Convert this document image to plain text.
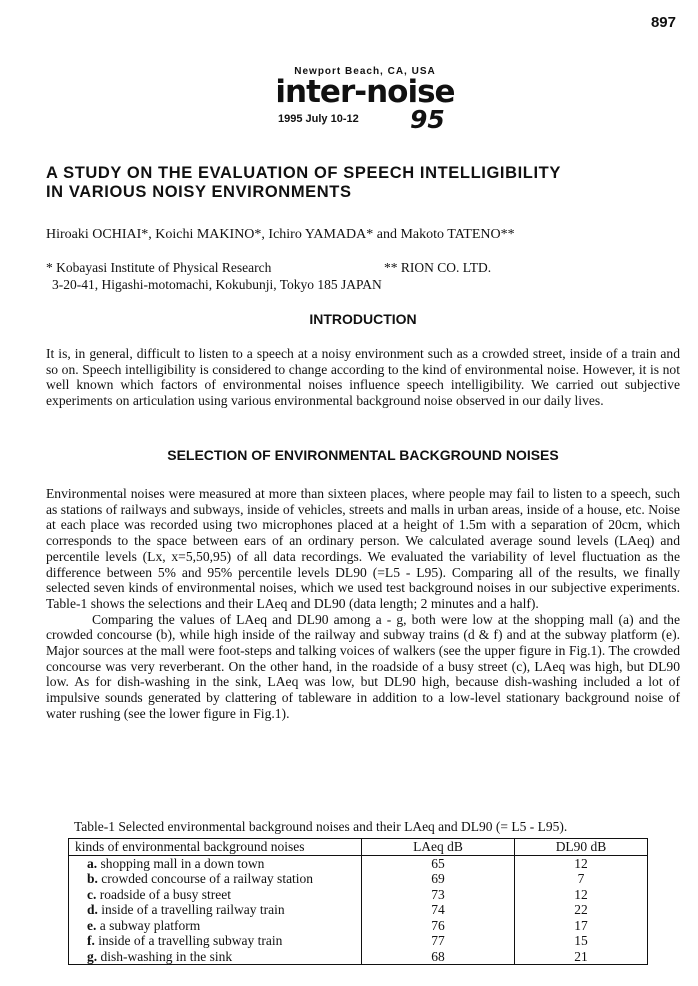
897
Newport Beach, CA, USA
inter-noise
1995 July 10-12 95
A STUDY ON THE EVALUATION OF SPEECH INTELLIGIBILITY
IN VARIOUS NOISY ENVIRONMENTS
Hiroaki OCHIAI*, Koichi MAKINO*, Ichiro YAMADA* and Makoto TATENO**
* Kobayasi Institute of Physical Research	** RION CO. LTD.
3-20-41, Higashi-motomachi, Kokubunji, Tokyo 185 JAPAN
INTRODUCTION

It is, in general, difficult to listen to a speech at a noisy environment such as a crowded street, inside of a train and so on. Speech intelligibility is considered to change according to the kind of environmental noise. However, it is not well known which factors of environmental noises influence speech intelligibility. We carried out subjective experiments on articulation using various environmental background noise observed in our daily lives.

SELECTION OF ENVIRONMENTAL BACKGROUND NOISES

Environmental noises were measured at more than sixteen places, where people may fail to listen to a speech, such as stations of railways and subways, inside of vehicles, streets and malls in urban areas, inside of a house, etc. Noise at each place was recorded using two microphones placed at a height of 1.5m with a separation of 20cm, which corresponds to the space between ears of an ordinary person. We calculated average sound levels (LAeq) and percentile levels (Lx, x=5,50,95) of all data recordings. We evaluated the variability of level fluctuation as the difference between 5% and 95% percentile levels DL90 (=L5 - L95). Comparing all of the results, we finally selected seven kinds of environmental noises, which we used test background noises in our subjective experiments. Table-1 shows the selections and their LAeq and DL90 (data length; 2 minutes and a half).

Comparing the values of LAeq and DL90 among a - g, both were low at the shopping mall (a) and the crowded concourse (b), while high inside of the railway and subway trains (d & f) and at the subway platform (e). Major sources at the mall were foot-steps and talking voices of walkers (see the upper figure in Fig.1). The crowded concourse was very reverberant. On the other hand, in the roadside of a busy street (c), LAeq was high, but DL90 low. As for dish-washing in the sink, LAeq was low, but DL90 high, because dish-washing included a lot of impulsive sounds generated by clattering of tableware in addition to a low-level stationary background noise of water rushing (see the lower figure in Fig.1).

Table-1 Selected environmental background noises and their LAeq and DL90 (= L5 - L95).
kinds of environmental background noises	LAeq dB	DL90 dB
a. shopping mall in a down town	65	12
b. crowded concourse of a railway station	69	7
c. roadside of a busy street	73	12
d. inside of a travelling railway train	74	22
e. a subway platform	76	17
f. inside of a travelling subway train	77	15
g. dish-washing in the sink	68	21
